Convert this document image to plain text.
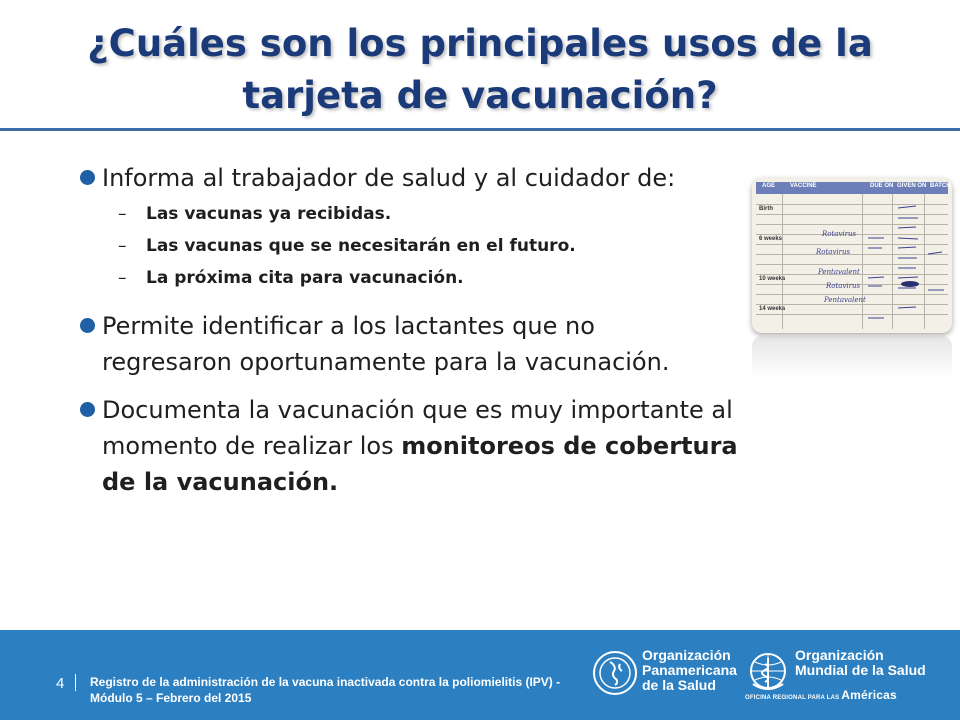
¿Cuáles son los principales usos de la
tarjeta de vacunación?
Informa al trabajador de salud y al cuidador de:
– Las vacunas ya recibidas.
– Las vacunas que se necesitarán en el futuro.
– La próxima cita para vacunación.
Permite identificar a los lactantes que no regresaron oportunamente para la vacunación.
Documenta la vacunación que es muy importante al momento de realizar los monitoreos de cobertura de la vacunación.
AGE VACCINE	DUE ON GIVEN ON BATCH
Birth
6 weeks
10 weeks
14 weeks
Rotavirus
Rotavirus
Pentavalent
Pentavalent
Rotavirus
4 Registro de la administración de la vacuna inactivada contra la poliomielitis (IPV) - Módulo 5 – Febrero del 2015
Organización
Panamericana
de la Salud
Organización
Mundial de la Salud
OFICINA REGIONAL PARA LAS Américas
